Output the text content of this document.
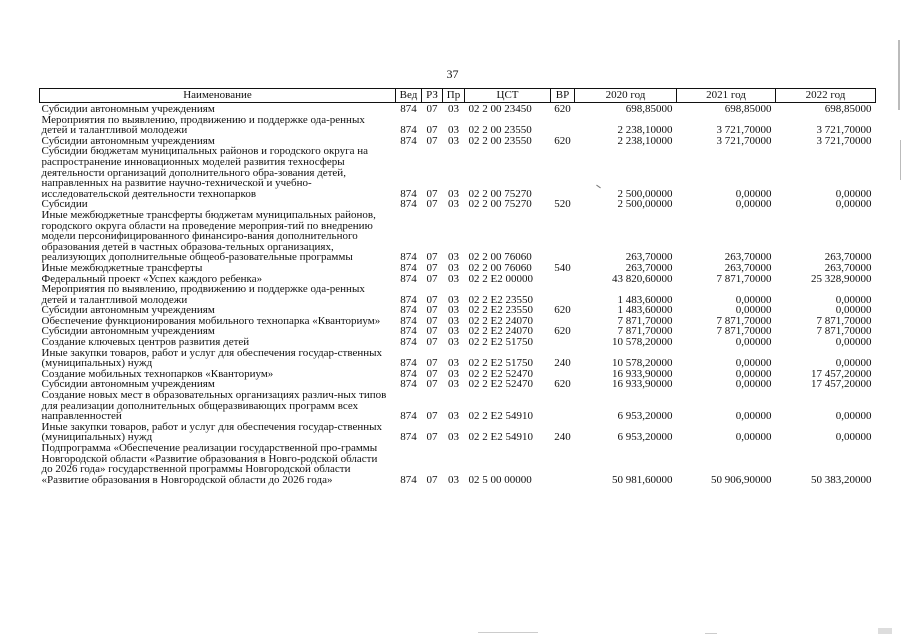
37
Наименование	Вед	РЗ	Пр	ЦСТ	ВР	2020 год	2021 год	2022 год
Субсидии автономным учреждениям	874	07	03	02 2 00 23450	620	698,85000	698,85000	698,85000
Мероприятия по выявлению, продвижению и поддержке ода-ренных детей и талантливой молодежи	874	07	03	02 2 00 23550		2 238,10000	3 721,70000	3 721,70000
Субсидии автономным учреждениям	874	07	03	02 2 00 23550	620	2 238,10000	3 721,70000	3 721,70000
Субсидии бюджетам муниципальных районов и городского округа на распространение инновационных моделей развития техносферы деятельности организаций дополнительного обра-зования детей, направленных на развитие научно-технической и учебно-исследовательской деятельности технопарков	874	07	03	02 2 00 75270		2 500,00000	0,00000	0,00000
Субсидии	874	07	03	02 2 00 75270	520	2 500,00000	0,00000	0,00000
Иные межбюджетные трансферты бюджетам муниципальных районов, городского округа области на проведение мероприя-тий по внедрению модели персонифицированного финансиро-вания дополнительного образования детей в частных образова-тельных организациях, реализующих дополнительные общеоб-разовательные программы	874	07	03	02 2 00 76060		263,70000	263,70000	263,70000
Иные межбюджетные трансферты	874	07	03	02 2 00 76060	540	263,70000	263,70000	263,70000
Федеральный проект «Успех каждого ребенка»	874	07	03	02 2 E2 00000		43 820,60000	7 871,70000	25 328,90000
Мероприятия по выявлению, продвижению и поддержке ода-ренных детей и талантливой молодежи	874	07	03	02 2 E2 23550		1 483,60000	0,00000	0,00000
Субсидии автономным учреждениям	874	07	03	02 2 E2 23550	620	1 483,60000	0,00000	0,00000
Обеспечение функционирования мобильного технопарка «Кванториум»	874	07	03	02 2 E2 24070		7 871,70000	7 871,70000	7 871,70000
Субсидии автономным учреждениям	874	07	03	02 2 E2 24070	620	7 871,70000	7 871,70000	7 871,70000
Создание ключевых центров развития детей	874	07	03	02 2 E2 51750		10 578,20000	0,00000	0,00000
Иные закупки товаров, работ и услуг для обеспечения государ-ственных (муниципальных) нужд	874	07	03	02 2 E2 51750	240	10 578,20000	0,00000	0,00000
Создание мобильных технопарков «Кванториум»	874	07	03	02 2 E2 52470		16 933,90000	0,00000	17 457,20000
Субсидии автономным учреждениям	874	07	03	02 2 E2 52470	620	16 933,90000	0,00000	17 457,20000
Создание новых мест в образовательных организациях различ-ных типов для реализации дополнительных общеразвивающих программ всех направленностей	874	07	03	02 2 E2 54910		6 953,20000	0,00000	0,00000
Иные закупки товаров, работ и услуг для обеспечения государ-ственных (муниципальных) нужд	874	07	03	02 2 E2 54910	240	6 953,20000	0,00000	0,00000
Подпрограмма «Обеспечение реализации государственной про-граммы Новгородской области «Развитие образования в Новго-родской области до 2026 года» государственной программы Новгородской области «Развитие образования в Новгородской области до 2026 года»	874	07	03	02 5 00 00000		50 981,60000	50 906,90000	50 383,20000
